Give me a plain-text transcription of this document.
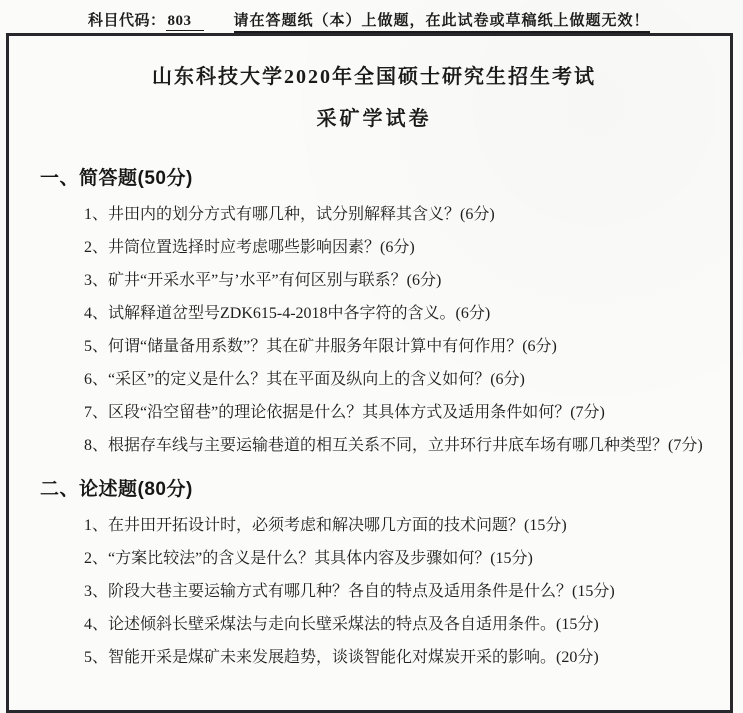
科目代码： 803	请在答题纸（本）上做题，在此试卷或草稿纸上做题无效！
山东科技大学2020年全国硕士研究生招生考试
采矿学试卷
一、简答题(50分)

1、井田内的划分方式有哪几种，试分别解释其含义？(6分)

2、井筒位置选择时应考虑哪些影响因素？(6分)

3、矿井“开采水平”与’水平”有何区别与联系？(6分)

4、试解释道岔型号ZDK615-4-2018中各字符的含义。(6分)

5、何谓“储量备用系数”？其在矿井服务年限计算中有何作用？(6分)

6、“采区”的定义是什么？其在平面及纵向上的含义如何？(6分)

7、区段“沿空留巷”的理论依据是什么？其具体方式及适用条件如何？(7分)

8、根据存车线与主要运输巷道的相互关系不同，立井环行井底车场有哪几种类型？(7分)

二、论述题(80分)

1、在井田开拓设计时，必须考虑和解决哪几方面的技术问题？(15分)

2、“方案比较法”的含义是什么？其具体内容及步骤如何？(15分)

3、阶段大巷主要运输方式有哪几种？各自的特点及适用条件是什么？(15分)

4、论述倾斜长壁采煤法与走向长壁采煤法的特点及各自适用条件。(15分)

5、智能开采是煤矿未来发展趋势，谈谈智能化对煤炭开采的影响。(20分)
